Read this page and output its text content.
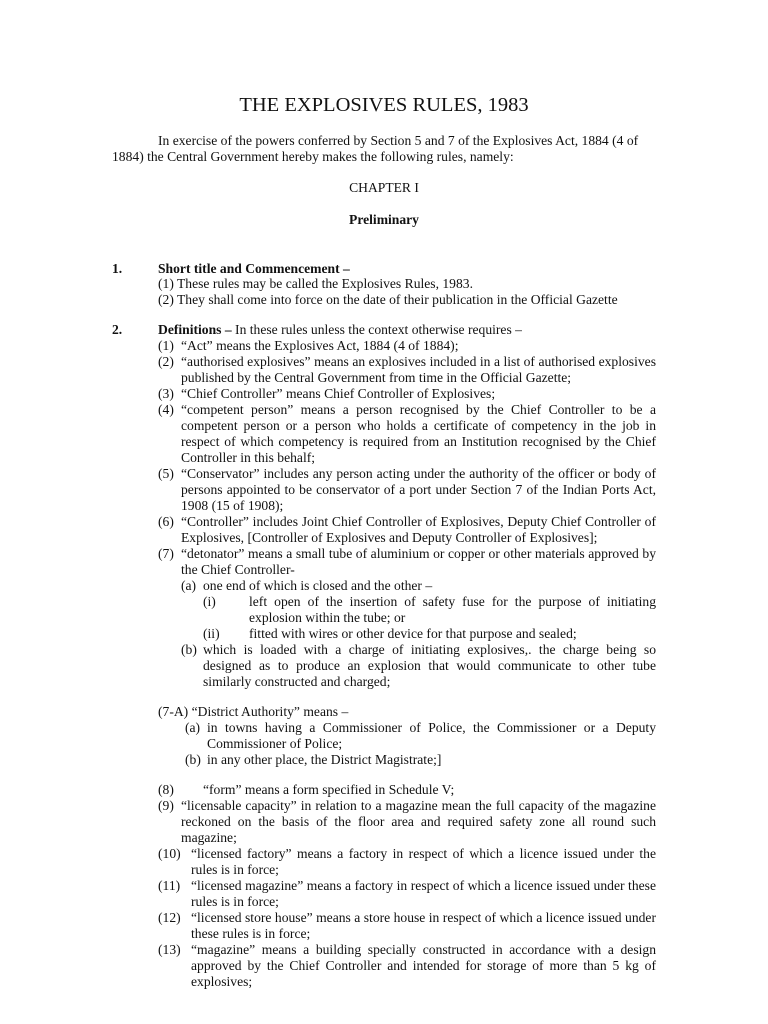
THE EXPLOSIVES RULES, 1983
In exercise of the powers conferred by Section 5 and 7 of the Explosives Act, 1884 (4 of
1884) the Central Government hereby makes the following rules, namely:
CHAPTER I
Preliminary
1.	Short title and Commencement –
(1) These rules may be called the Explosives Rules, 1983.
(2) They shall come into force on the date of their publication in the Official Gazette
2.	Definitions – In these rules unless the context otherwise requires –
(1) “Act” means the Explosives Act, 1884 (4 of 1884);
(2) “authorised explosives” means an explosives included in a list of authorised explosives published by the Central Government from time in the Official Gazette;
(3) “Chief Controller” means Chief Controller of Explosives;
(4) “competent person” means a person recognised by the Chief Controller to be a competent person or a person who holds a certificate of competency in the job in respect of which competency is required from an Institution recognised by the Chief Controller in this behalf;
(5) “Conservator” includes any person acting under the authority of the officer or body of persons appointed to be conservator of a port under Section 7 of the Indian Ports Act, 1908 (15 of 1908);
(6) “Controller” includes Joint Chief Controller of Explosives, Deputy Chief Controller of Explosives, [Controller of Explosives and Deputy Controller of Explosives];
(7) “detonator” means a small tube of aluminium or copper or other materials approved by the Chief Controller-
(a) one end of which is closed and the other –
(i) left open of the insertion of safety fuse for the purpose of initiating explosion within the tube; or
(ii) fitted with wires or other device for that purpose and sealed;
(b) which is loaded with a charge of initiating explosives,. the charge being so designed as to produce an explosion that would communicate to other tube similarly constructed and charged;
(7-A) “District Authority” means –
(a) in towns having a Commissioner of Police, the Commissioner or a Deputy Commissioner of Police;
(b) in any other place, the District Magistrate;]
(8) “form” means a form specified in Schedule V;
(9) “licensable capacity” in relation to a magazine mean the full capacity of the magazine reckoned on the basis of the floor area and required safety zone all round such magazine;
(10) “licensed factory” means a factory in respect of which a licence issued under the rules is in force;
(11) “licensed magazine” means a factory in respect of which a licence issued under these rules is in force;
(12) “licensed store house” means a store house in respect of which a licence issued under these rules is in force;
(13) “magazine” means a building specially constructed in accordance with a design approved by the Chief Controller and intended for storage of more than 5 kg of explosives;
